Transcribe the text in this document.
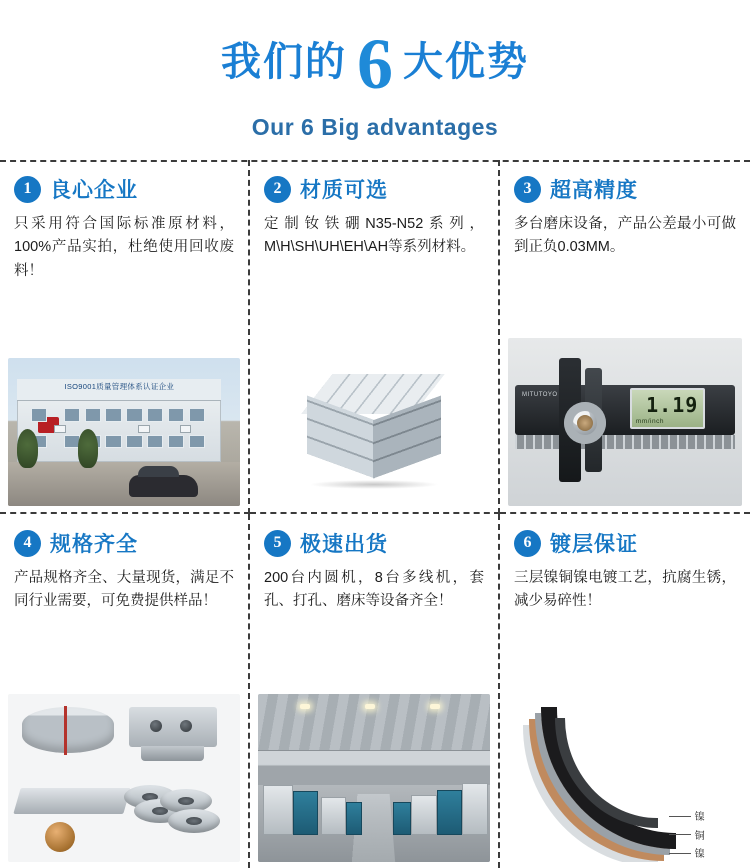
我们的 6 大优势
Our 6 Big advantages
1 良心企业

只采用符合国际标准原材料，100%产品实拍，杜绝使用回收废料！

ISO9001质量管理体系认证企业
2 材质可选

定制钕铁硼N35-N52系列，M\H\SH\UH\EH\AH等系列材料。

3 超高精度

多台磨床设备，产品公差最小可做到正负0.03MM。

MITUTOYO	1.19
mm/inch
4 规格齐全

产品规格齐全、大量现货，满足不同行业需要，可免费提供样品！

5 极速出货

200台内圆机，8台多线机，套孔、打孔、磨床等设备齐全！

6 镀层保证

三层镍铜镍电镀工艺，抗腐生锈，减少易碎性！

镍
铜
镍
